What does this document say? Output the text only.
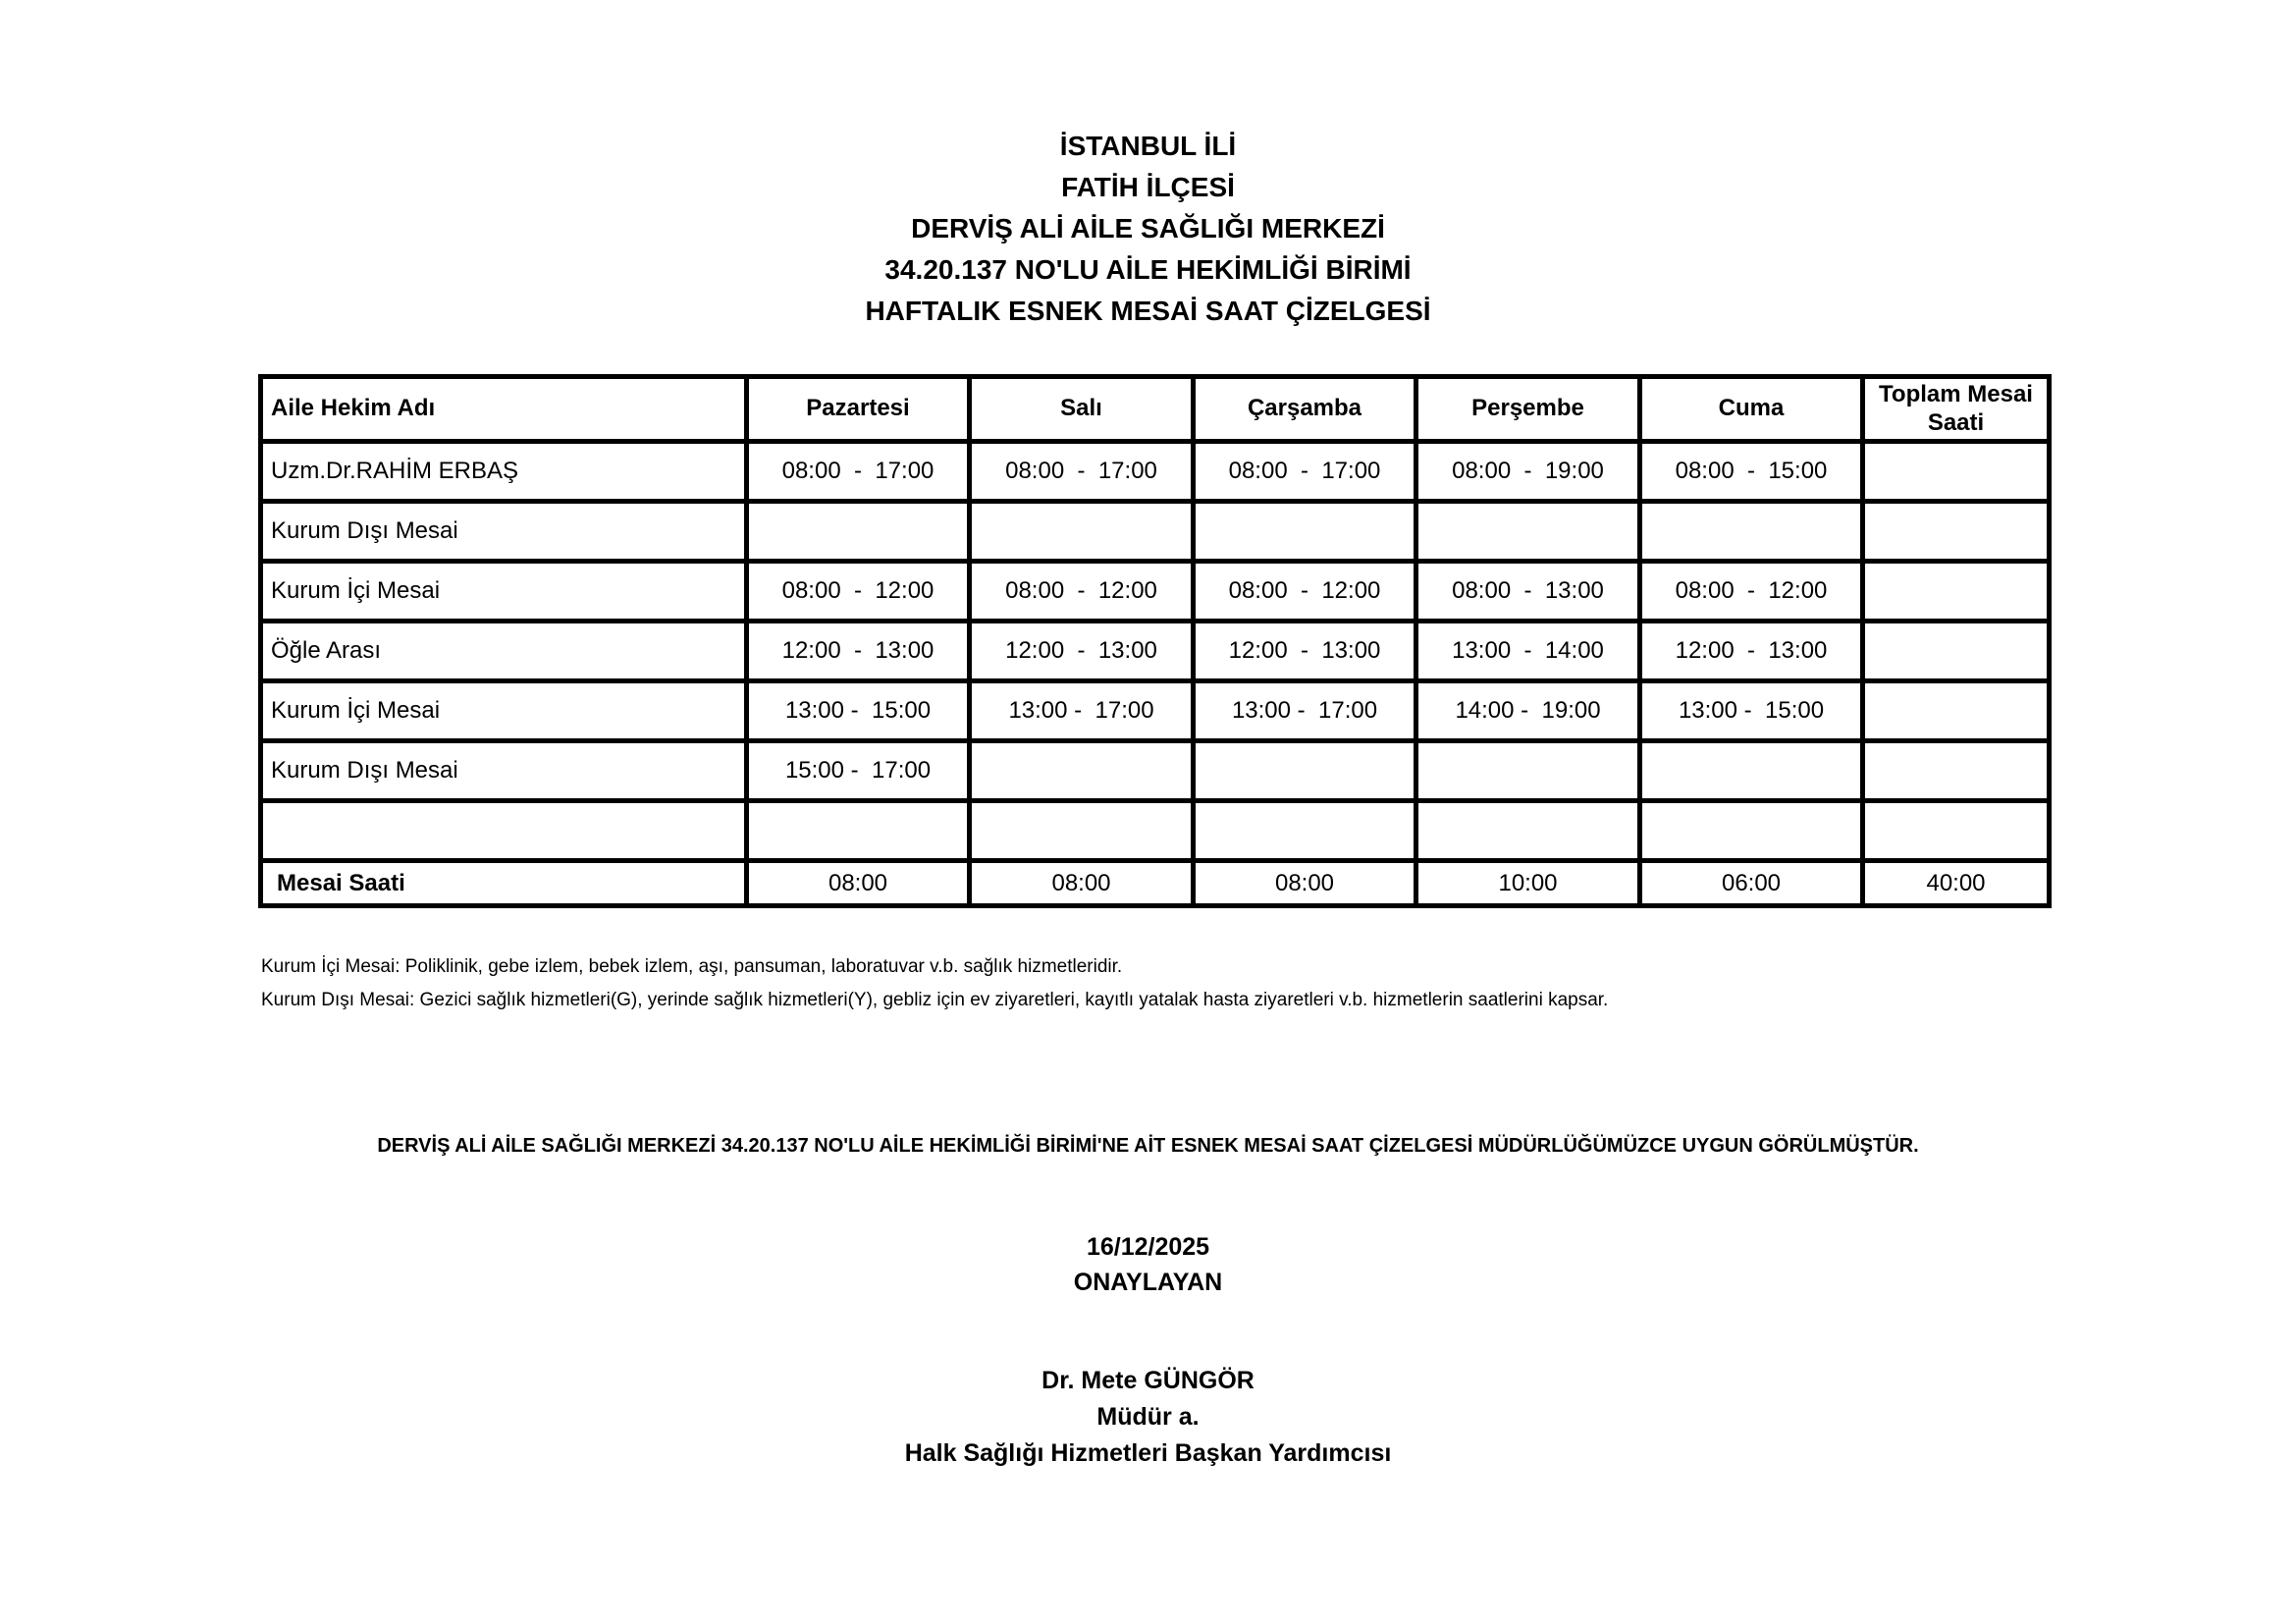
İSTANBUL İLİ
FATİH İLÇESİ
DERVİŞ ALİ AİLE SAĞLIĞI MERKEZİ
34.20.137 NO'LU AİLE HEKİMLİĞİ BİRİMİ
HAFTALIK ESNEK MESAİ SAAT ÇİZELGESİ
Aile Hekim Adı	Pazartesi	Salı	Çarşamba	Perşembe	Cuma	Toplam Mesai Saati
Uzm.Dr.RAHİM ERBAŞ	08:00  -  17:00	08:00  -  17:00	08:00  -  17:00	08:00  -  19:00	08:00  -  15:00	
Kurum Dışı Mesai						
Kurum İçi Mesai	08:00  -  12:00	08:00  -  12:00	08:00  -  12:00	08:00  -  13:00	08:00  -  12:00	
Öğle Arası	12:00  -  13:00	12:00  -  13:00	12:00  -  13:00	13:00  -  14:00	12:00  -  13:00	
Kurum İçi Mesai	13:00 -  15:00	13:00 -  17:00	13:00 -  17:00	14:00 -  19:00	13:00 -  15:00	
Kurum Dışı Mesai	15:00 -  17:00					

Mesai Saati	08:00	08:00	08:00	10:00	06:00	40:00

Kurum İçi Mesai: Poliklinik, gebe izlem, bebek izlem, aşı, pansuman, laboratuvar v.b. sağlık hizmetleridir.

Kurum Dışı Mesai: Gezici sağlık hizmetleri(G), yerinde sağlık hizmetleri(Y), gebliz için ev ziyaretleri, kayıtlı yatalak hasta ziyaretleri v.b. hizmetlerin saatlerini kapsar.

DERVİŞ ALİ AİLE SAĞLIĞI MERKEZİ 34.20.137 NO'LU AİLE HEKİMLİĞİ BİRİMİ'NE AİT ESNEK MESAİ SAAT ÇİZELGESİ MÜDÜRLÜĞÜMÜZCE UYGUN GÖRÜLMÜŞTÜR.

16/12/2025
ONAYLAYAN
Dr. Mete GÜNGÖR
Müdür a.
Halk Sağlığı Hizmetleri Başkan Yardımcısı
